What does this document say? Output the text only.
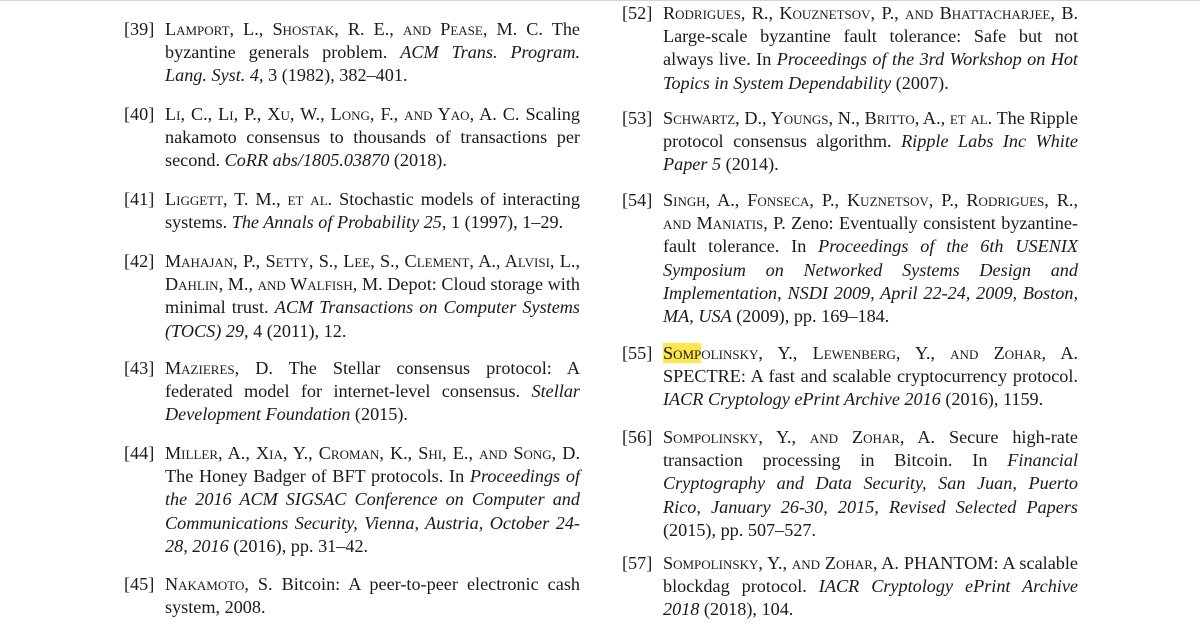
[39] Lamport, L., Shostak, R. E., and Pease, M. C. The byzantine generals problem. ACM Trans. Program. Lang. Syst. 4, 3 (1982), 382–401.
[40] Li, C., Li, P., Xu, W., Long, F., and Yao, A. C. Scaling nakamoto consensus to thousands of transactions per second. CoRR abs/1805.03870 (2018).
[41] Liggett, T. M., et al. Stochastic models of interacting systems. The Annals of Probability 25, 1 (1997), 1–29.
[42] Mahajan, P., Setty, S., Lee, S., Clement, A., Alvisi, L., Dahlin, M., and Walfish, M. Depot: Cloud storage with minimal trust. ACM Transactions on Computer Systems (TOCS) 29, 4 (2011), 12.
[43] Mazieres, D. The Stellar consensus protocol: A federated model for internet-level consensus. Stellar Development Foundation (2015).
[44] Miller, A., Xia, Y., Croman, K., Shi, E., and Song, D. The Honey Badger of BFT protocols. In Proceedings of the 2016 ACM SIGSAC Conference on Computer and Communications Security, Vienna, Austria, October 24-28, 2016 (2016), pp. 31–42.
[45] Nakamoto, S. Bitcoin: A peer-to-peer electronic cash system, 2008.
[52] Rodrigues, R., Kouznetsov, P., and Bhattacharjee, B. Large-scale byzantine fault tolerance: Safe but not always live. In Proceedings of the 3rd Workshop on Hot Topics in System Dependability (2007).
[53] Schwartz, D., Youngs, N., Britto, A., et al. The Ripple protocol consensus algorithm. Ripple Labs Inc White Paper 5 (2014).
[54] Singh, A., Fonseca, P., Kuznetsov, P., Rodrigues, R., and Maniatis, P. Zeno: Eventually consistent byzantine-fault tolerance. In Proceedings of the 6th USENIX Symposium on Networked Systems Design and Implementation, NSDI 2009, April 22-24, 2009, Boston, MA, USA (2009), pp. 169–184.
[55] Sompolinsky, Y., Lewenberg, Y., and Zohar, A. SPECTRE: A fast and scalable cryptocurrency protocol. IACR Cryptology ePrint Archive 2016 (2016), 1159.
[56] Sompolinsky, Y., and Zohar, A. Secure high-rate transaction processing in Bitcoin. In Financial Cryptography and Data Security, San Juan, Puerto Rico, January 26-30, 2015, Revised Selected Papers (2015), pp. 507–527.
[57] Sompolinsky, Y., and Zohar, A. PHANTOM: A scalable blockdag protocol. IACR Cryptology ePrint Archive 2018 (2018), 104.
